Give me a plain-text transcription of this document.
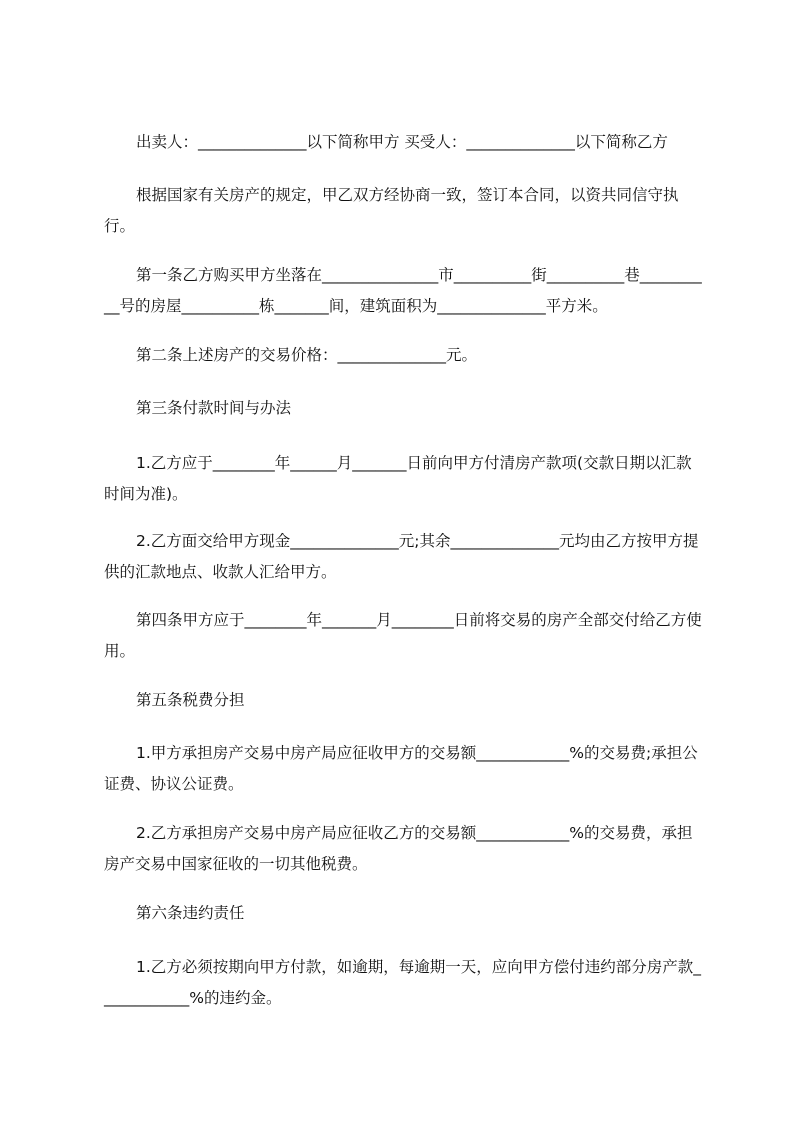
出卖人：______________以下简称甲方 买受人：______________以下简称乙方
根据国家有关房产的规定，甲乙双方经协商一致，签订本合同，以资共同信守执行。
第一条乙方购买甲方坐落在_______________市__________街__________巷__________号的房屋__________栋_______间，建筑面积为______________平方米。
第二条上述房产的交易价格：______________元。
第三条付款时间与办法
1.乙方应于________年______月_______日前向甲方付清房产款项(交款日期以汇款时间为准)。
2.乙方面交给甲方现金______________元;其余______________元均由乙方按甲方提供的汇款地点、收款人汇给甲方。
第四条甲方应于________年_______月________日前将交易的房产全部交付给乙方使用。
第五条税费分担
1.甲方承担房产交易中房产局应征收甲方的交易额____________%的交易费;承担公证费、协议公证费。
2.乙方承担房产交易中房产局应征收乙方的交易额____________%的交易费，承担房产交易中国家征收的一切其他税费。
第六条违约责任
1.乙方必须按期向甲方付款，如逾期，每逾期一天，应向甲方偿付违约部分房产款____________%的违约金。
